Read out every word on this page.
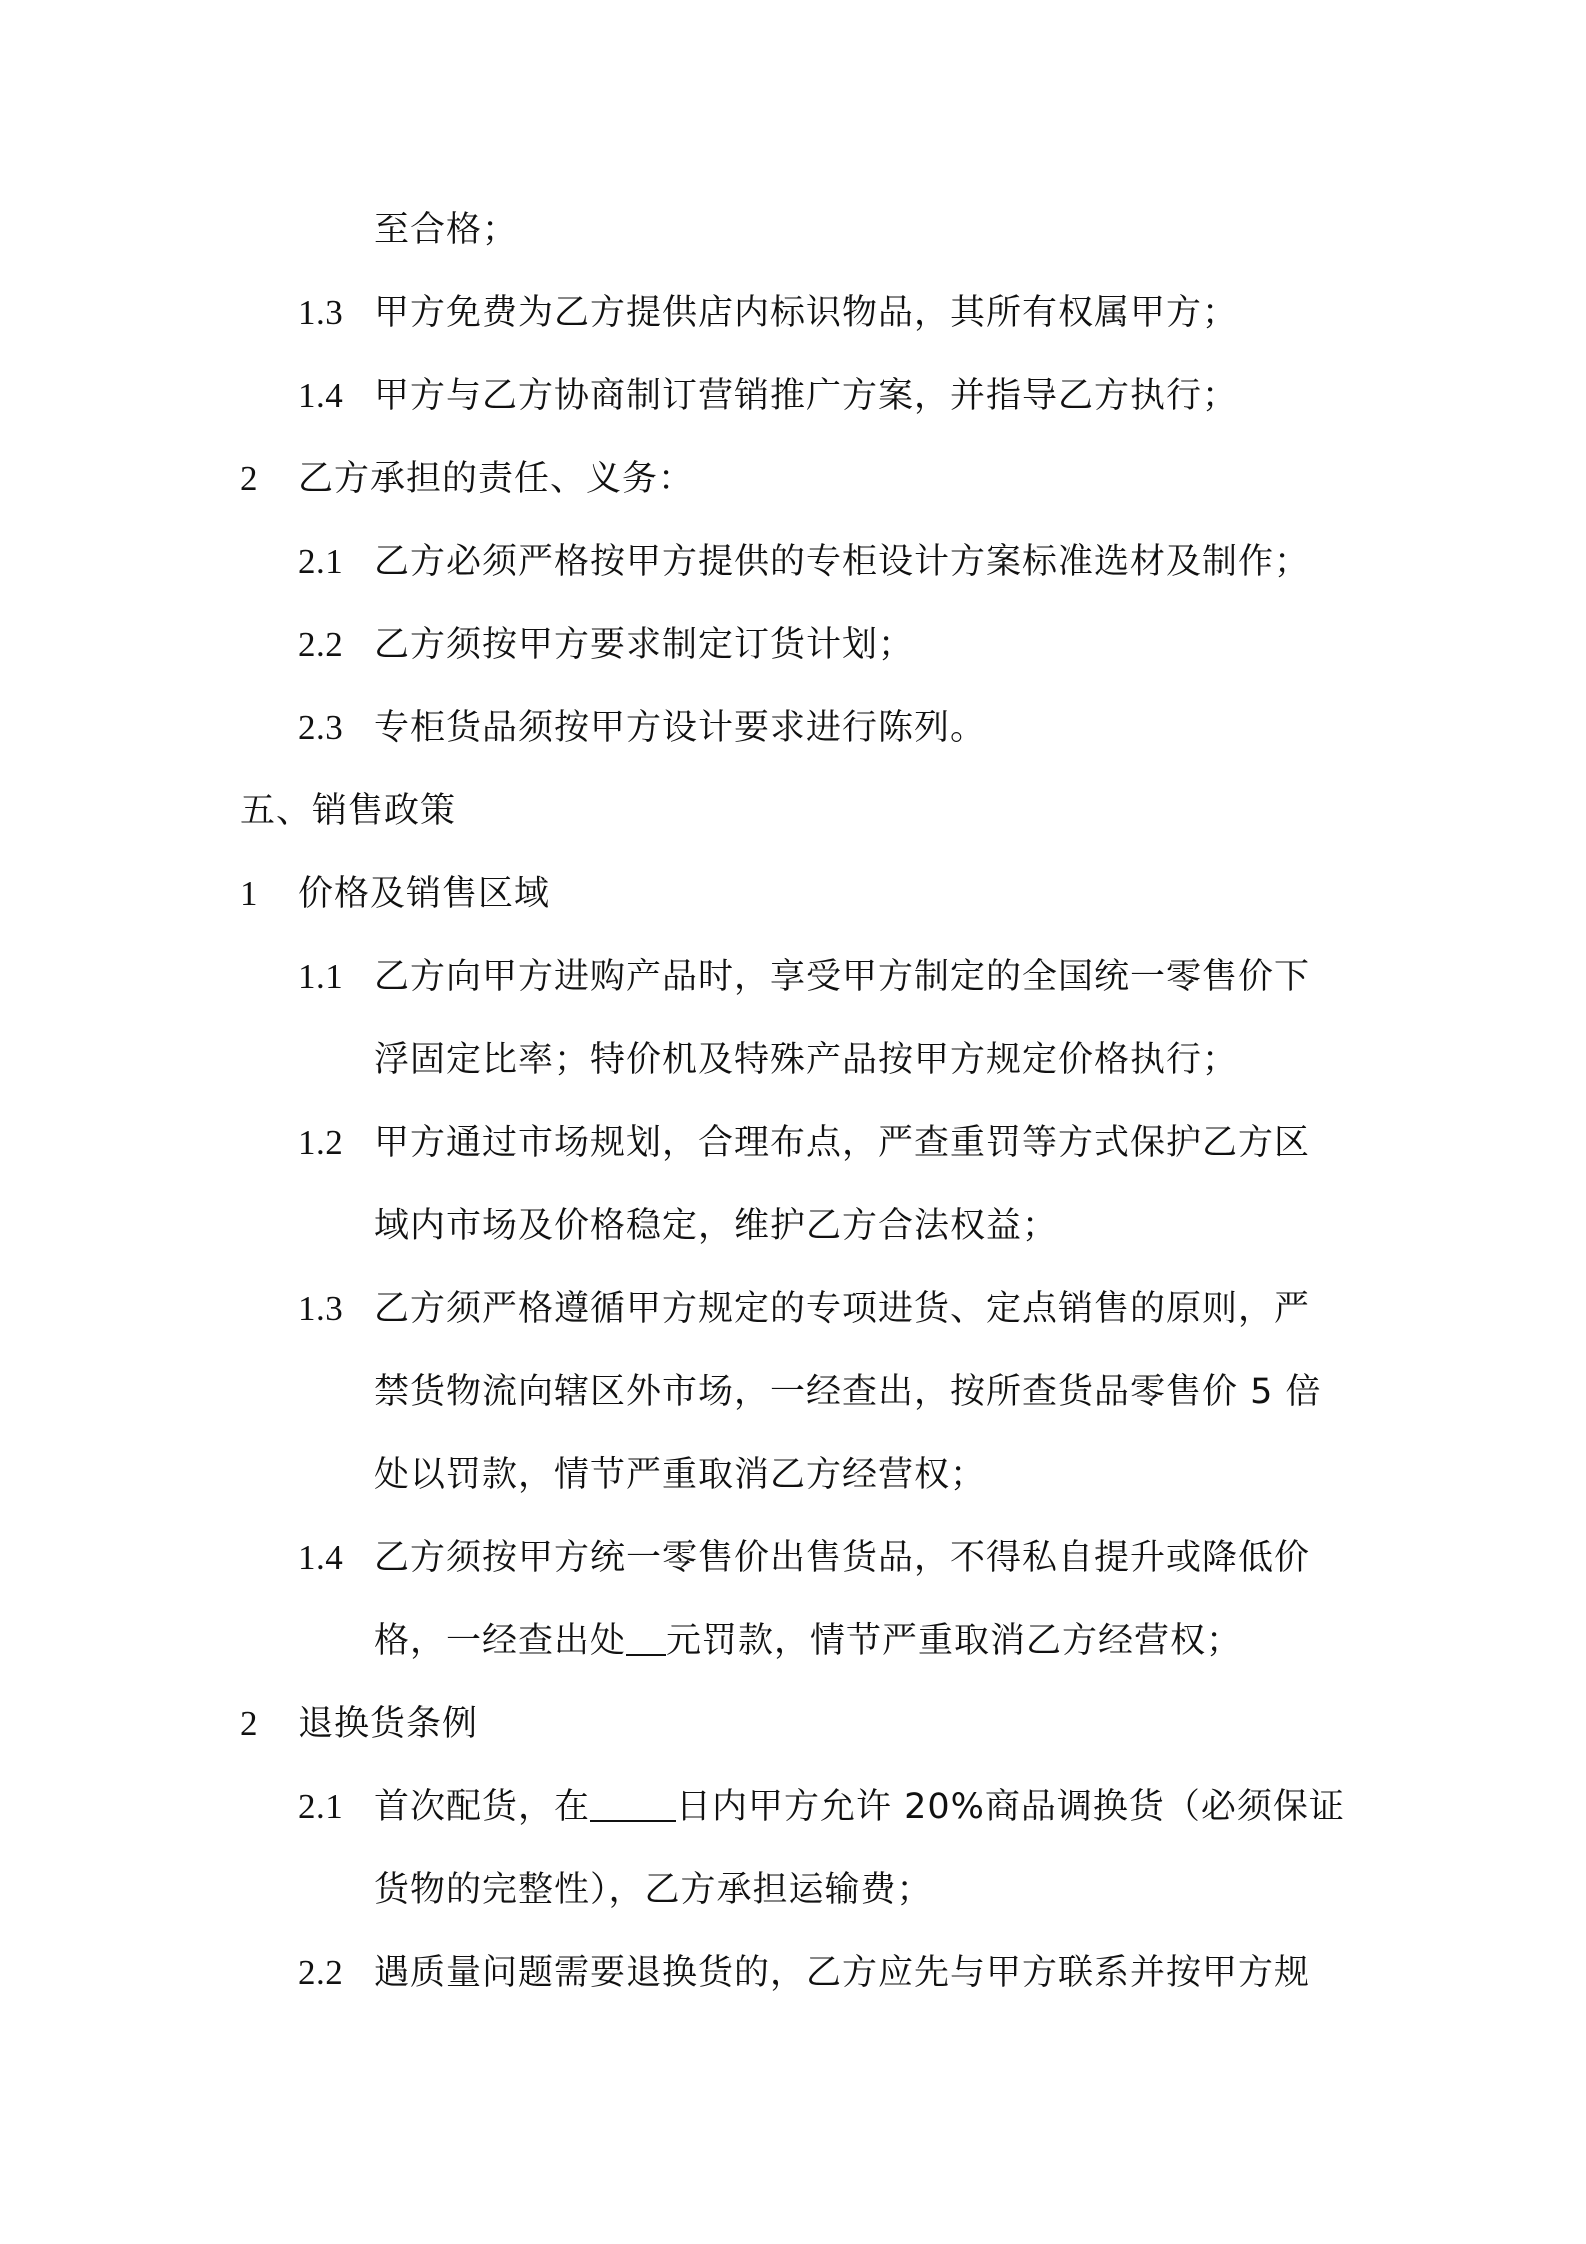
至合格；
1.3 甲方免费为乙方提供店内标识物品，其所有权属甲方；
1.4 甲方与乙方协商制订营销推广方案，并指导乙方执行；
2 乙方承担的责任、义务：
2.1 乙方必须严格按甲方提供的专柜设计方案标准选材及制作；
2.2 乙方须按甲方要求制定订货计划；
2.3 专柜货品须按甲方设计要求进行陈列。
五、销售政策
1 价格及销售区域
1.1 乙方向甲方进购产品时，享受甲方制定的全国统一零售价下
浮固定比率；特价机及特殊产品按甲方规定价格执行；
1.2 甲方通过市场规划，合理布点，严查重罚等方式保护乙方区
域内市场及价格稳定，维护乙方合法权益；
1.3 乙方须严格遵循甲方规定的专项进货、定点销售的原则，严
禁货物流向辖区外市场，一经查出，按所查货品零售价 5 倍
处以罚款，情节严重取消乙方经营权；
1.4 乙方须按甲方统一零售价出售货品，不得私自提升或降低价
格，一经查出处 元罚款，情节严重取消乙方经营权；
2 退换货条例
2.1 首次配货，在 日内甲方允许 20%商品调换货（必须保证
货物的完整性），乙方承担运输费；
2.2 遇质量问题需要退换货的，乙方应先与甲方联系并按甲方规
